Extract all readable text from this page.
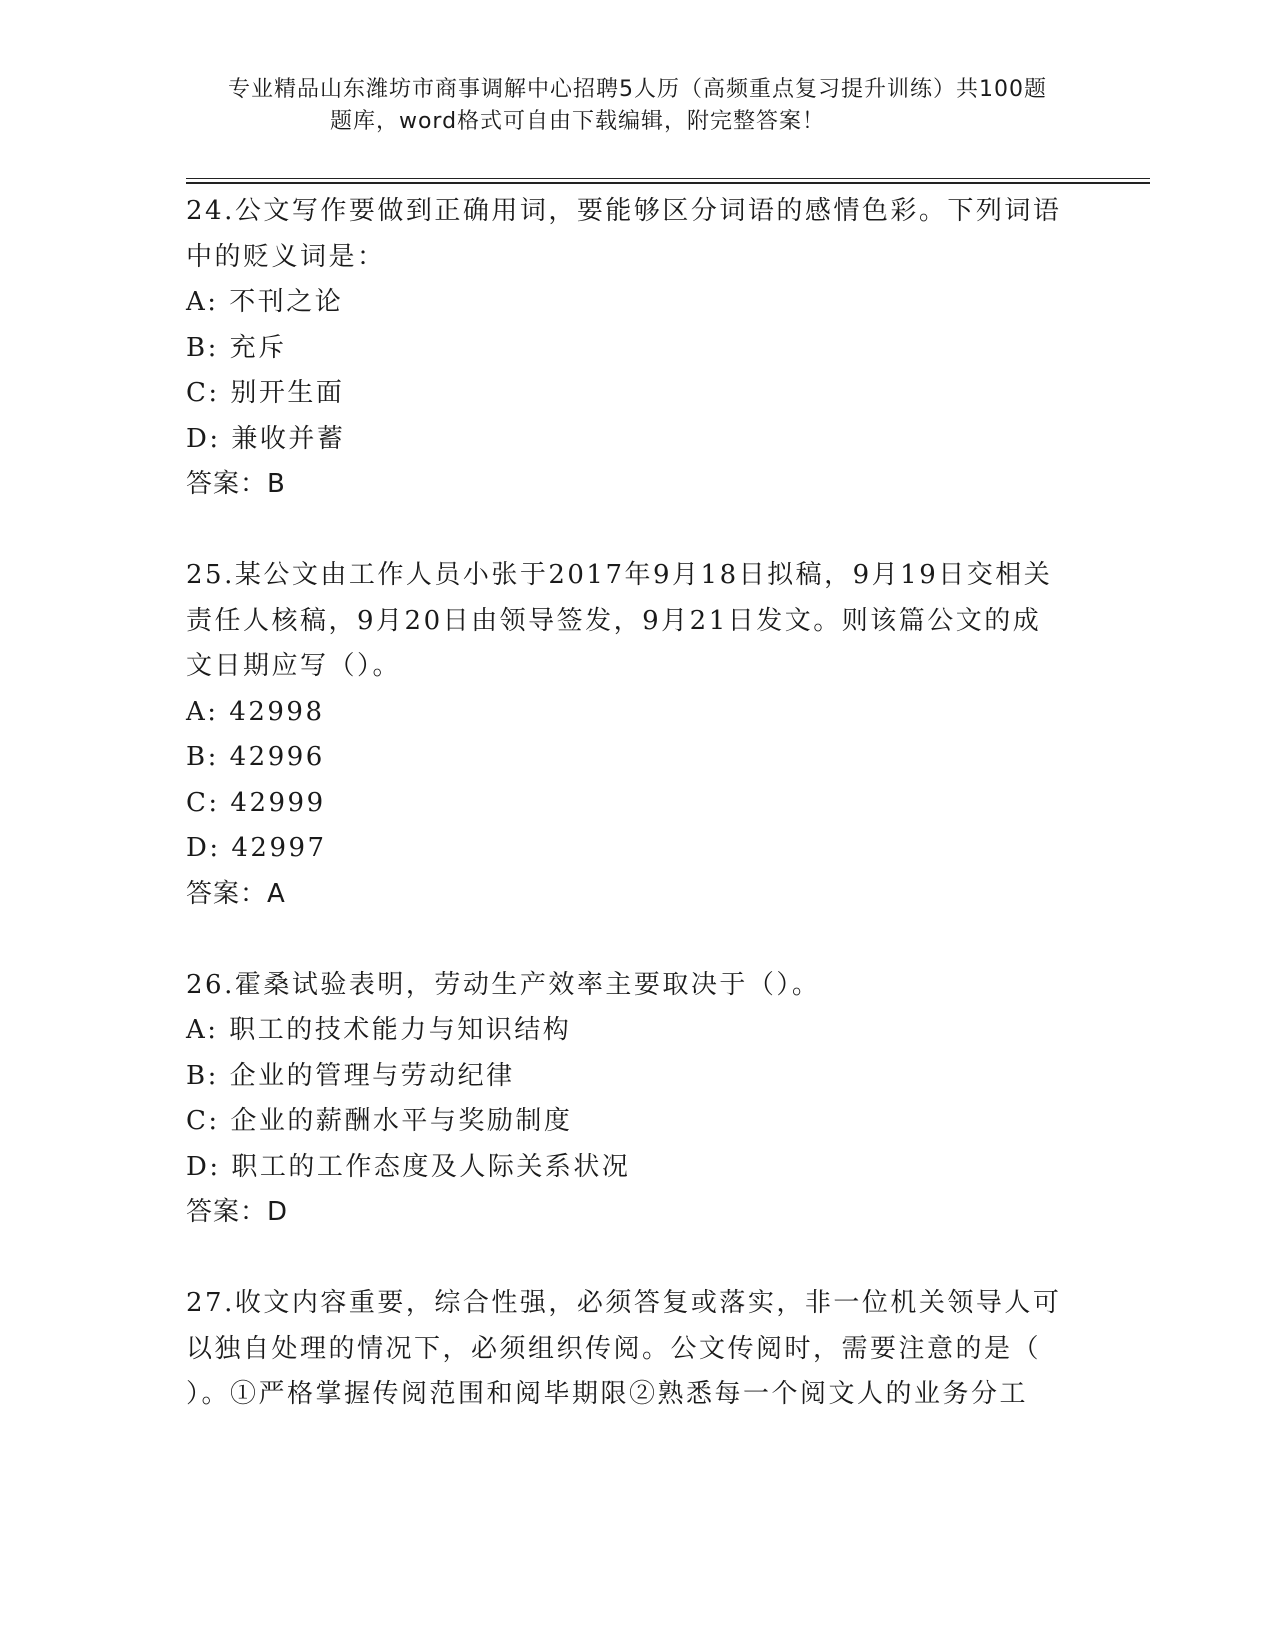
专业精品山东潍坊市商事调解中心招聘5人历（高频重点复习提升训练）共100题
题库，word格式可自由下载编辑，附完整答案！
24.公文写作要做到正确用词，要能够区分词语的感情色彩。下列词语
中的贬义词是：
A: 不刊之论
B: 充斥
C: 别开生面
D: 兼收并蓄
答案：B
25.某公文由工作人员小张于2017年9月18日拟稿，9月19日交相关
责任人核稿，9月20日由领导签发，9月21日发文。则该篇公文的成
文日期应写（）。
A: 42998
B: 42996
C: 42999
D: 42997
答案：A
26.霍桑试验表明，劳动生产效率主要取决于（）。
A: 职工的技术能力与知识结构
B: 企业的管理与劳动纪律
C: 企业的薪酬水平与奖励制度
D: 职工的工作态度及人际关系状况
答案：D
27.收文内容重要，综合性强，必须答复或落实，非一位机关领导人可
以独自处理的情况下，必须组织传阅。公文传阅时，需要注意的是（
）。①严格掌握传阅范围和阅毕期限②熟悉每一个阅文人的业务分工
